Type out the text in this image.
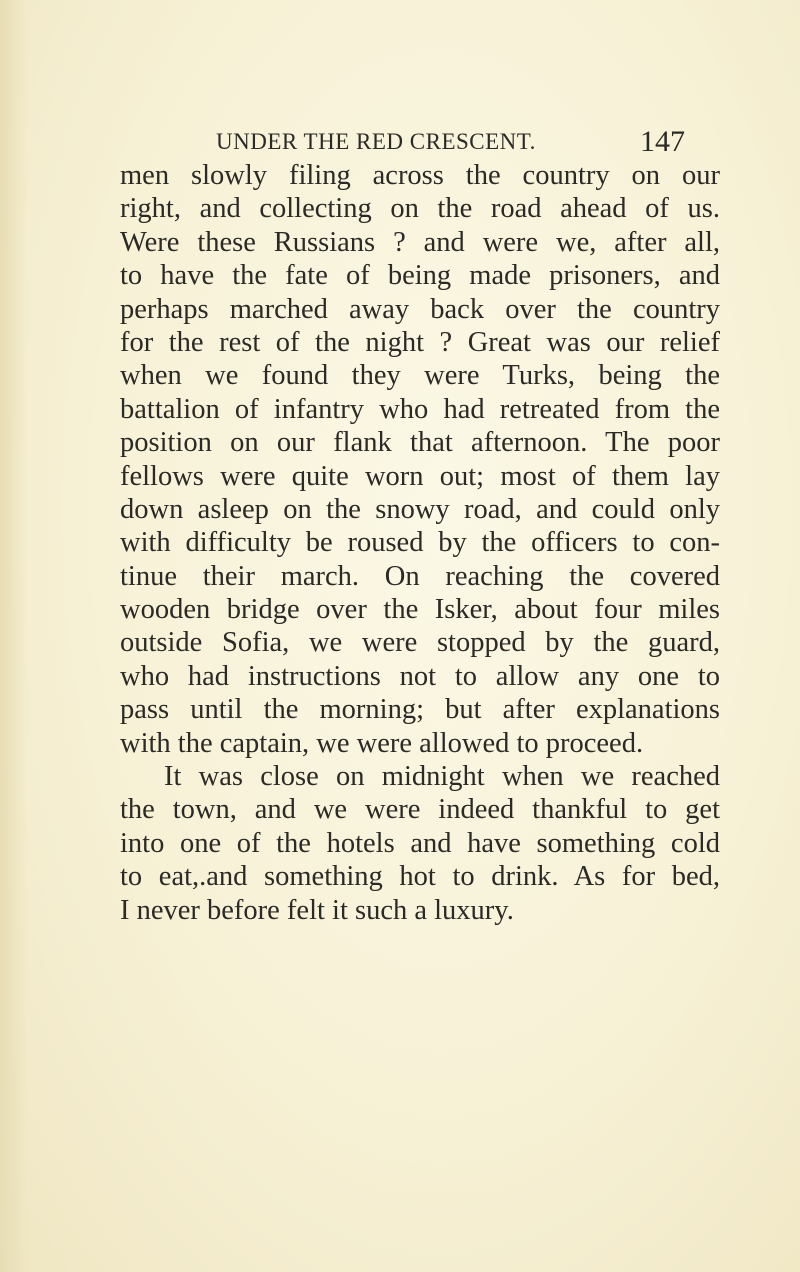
UNDER THE RED CRESCENT.	147
men slowly filing across the country on our
right, and collecting on the road ahead of us.
Were these Russians ? and were we, after all,
to have the fate of being made prisoners, and
perhaps marched away back over the country
for the rest of the night ? Great was our relief
when we found they were Turks, being the
battalion of infantry who had retreated from the
position on our flank that afternoon. The poor
fellows were quite worn out; most of them lay
down asleep on the snowy road, and could only
with difficulty be roused by the officers to con-
tinue their march. On reaching the covered
wooden bridge over the Isker, about four miles
outside Sofia, we were stopped by the guard,
who had instructions not to allow any one to
pass until the morning; but after explanations
with the captain, we were allowed to proceed.
It was close on midnight when we reached
the town, and we were indeed thankful to get
into one of the hotels and have something cold
to eat,.and something hot to drink. As for bed,
I never before felt it such a luxury.
